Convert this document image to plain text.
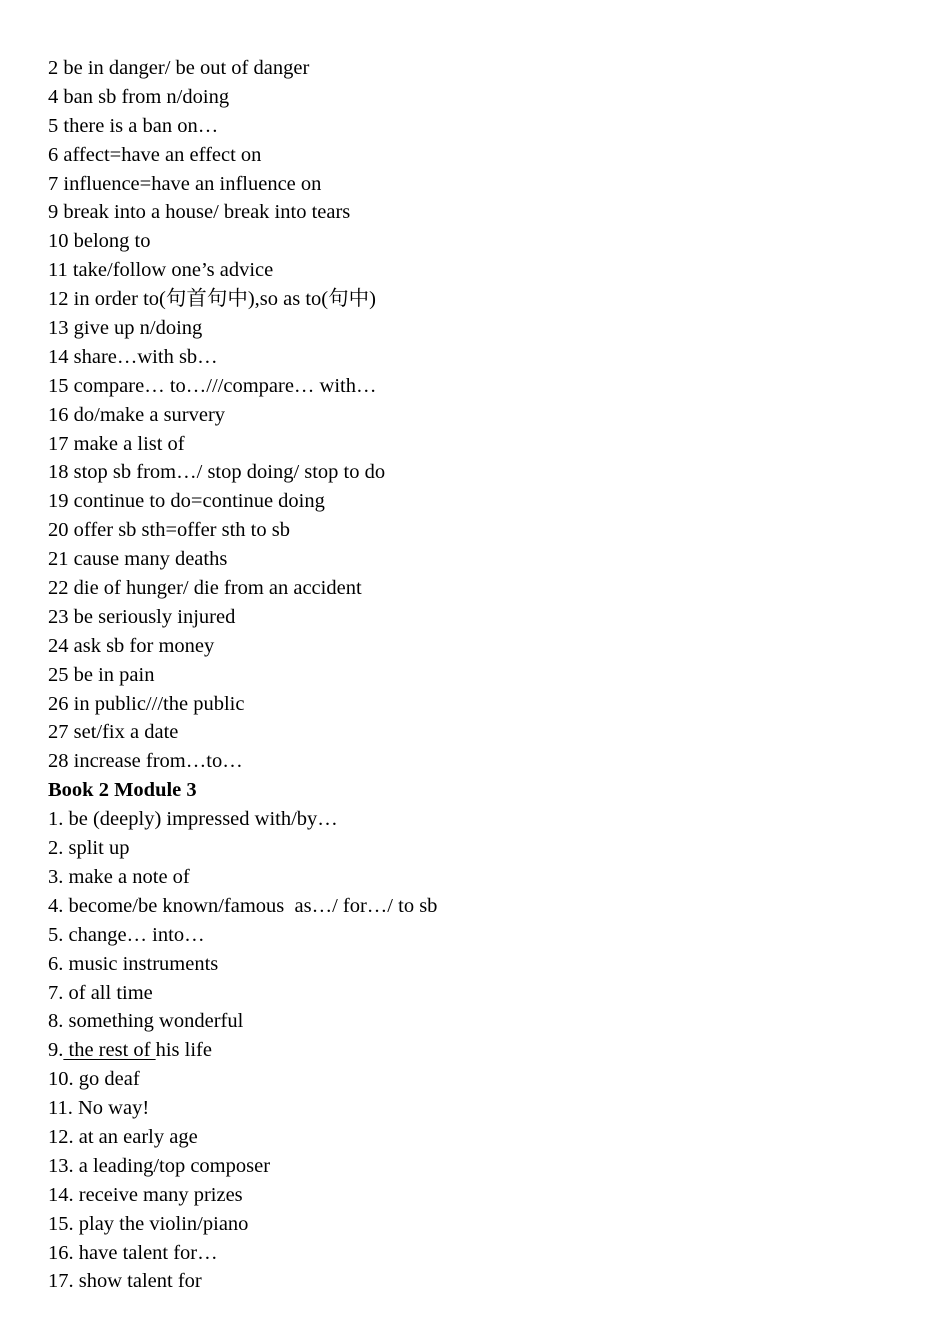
2 be in danger/ be out of danger
4 ban sb from n/doing
5 there is a ban on…
6 affect=have an effect on
7 influence=have an influence on
9 break into a house/ break into tears
10 belong to
11 take/follow one’s advice
12 in order to(句首句中),so as to(句中)
13 give up n/doing
14 share…with sb…
15 compare… to…///compare… with…
16 do/make a survery
17 make a list of
18 stop sb from…/ stop doing/ stop to do
19 continue to do=continue doing
20 offer sb sth=offer sth to sb
21 cause many deaths
22 die of hunger/ die from an accident
23 be seriously injured
24 ask sb for money
25 be in pain
26 in public///the public
27 set/fix a date
28 increase from…to…
Book 2 Module 3
1. be (deeply) impressed with/by…
2. split up
3. make a note of
4. become/be known/famous  as…/ for…/ to sb
5. change… into…
6. music instruments
7. of all time
8. something wonderful
9. the rest of his life
10. go deaf
11. No way!
12. at an early age
13. a leading/top composer
14. receive many prizes
15. play the violin/piano
16. have talent for…
17. show talent for
